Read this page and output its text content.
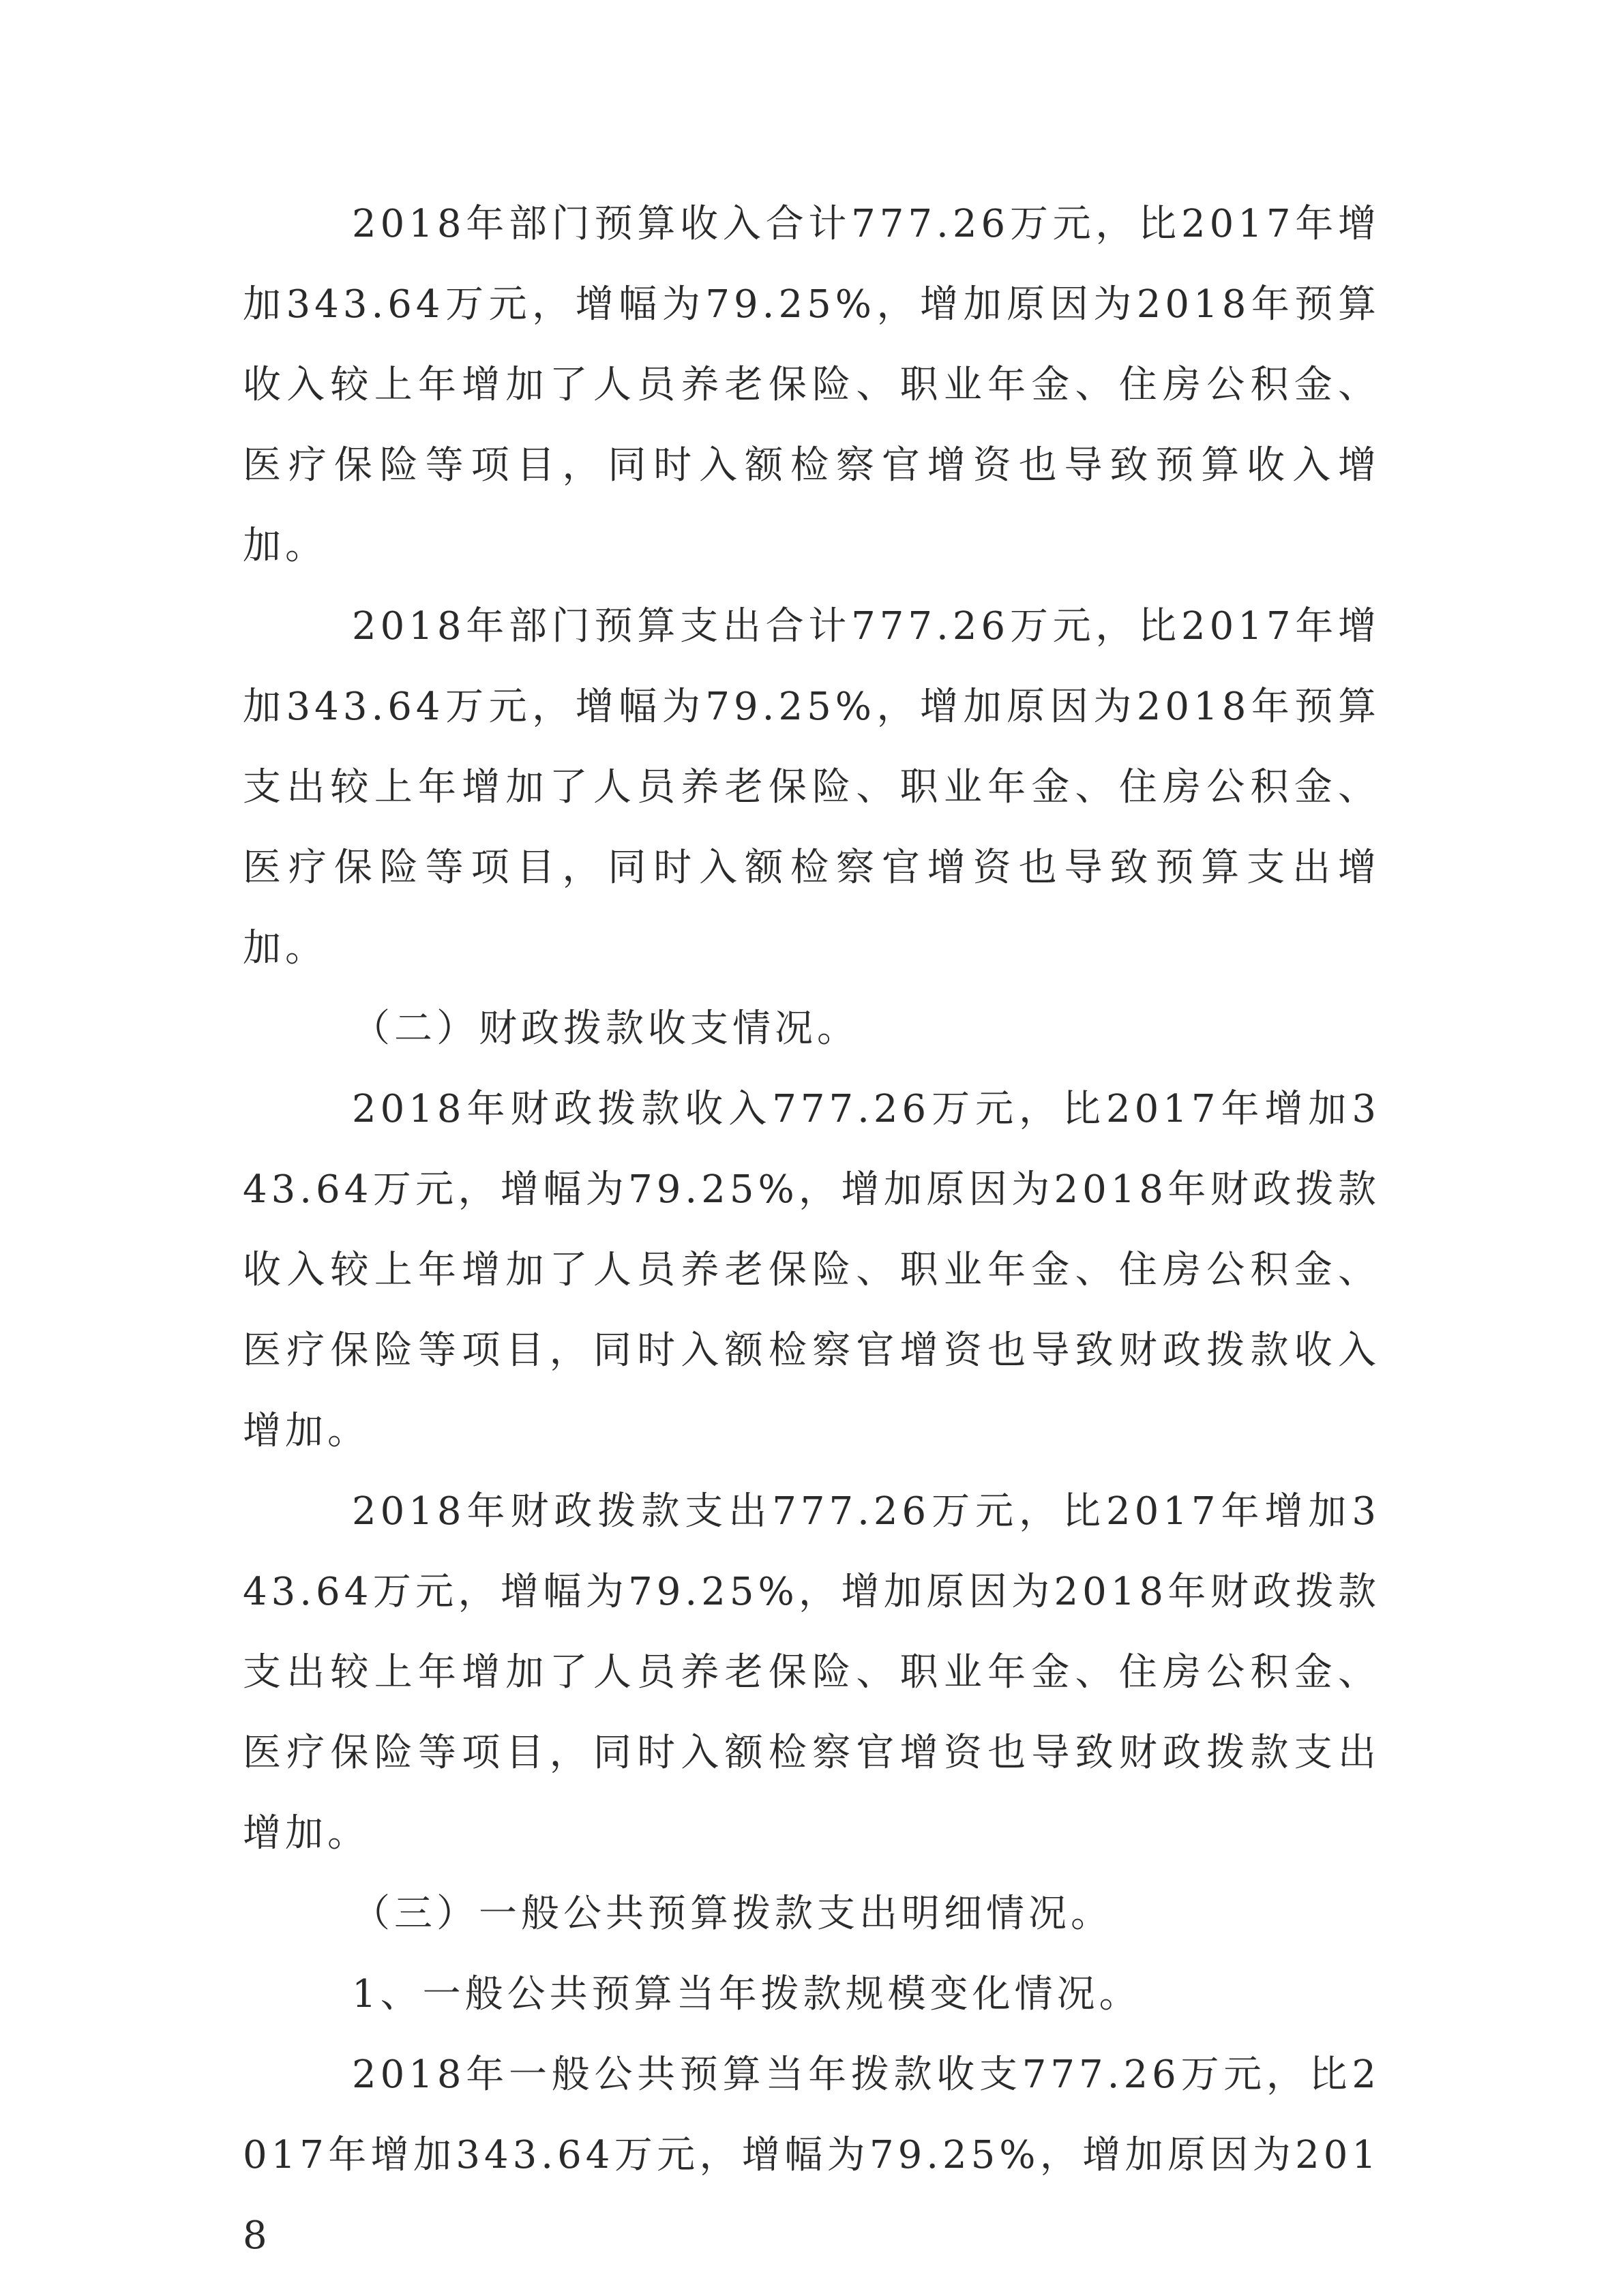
2018年部门预算收入合计777.26万元，比2017年增加343.64万元，增幅为79.25%，增加原因为2018年预算收入较上年增加了人员养老保险、职业年金、住房公积金、医疗保险等项目，同时入额检察官增资也导致预算收入增加。

2018年部门预算支出合计777.26万元，比2017年增加343.64万元，增幅为79.25%，增加原因为2018年预算支出较上年增加了人员养老保险、职业年金、住房公积金、医疗保险等项目，同时入额检察官增资也导致预算支出增加。

（二）财政拨款收支情况。

2018年财政拨款收入777.26万元，比2017年增加343.64万元，增幅为79.25%，增加原因为2018年财政拨款收入较上年增加了人员养老保险、职业年金、住房公积金、医疗保险等项目，同时入额检察官增资也导致财政拨款收入增加。

2018年财政拨款支出777.26万元，比2017年增加343.64万元，增幅为79.25%，增加原因为2018年财政拨款支出较上年增加了人员养老保险、职业年金、住房公积金、医疗保险等项目，同时入额检察官增资也导致财政拨款支出增加。

（三）一般公共预算拨款支出明细情况。

1、一般公共预算当年拨款规模变化情况。

2018年一般公共预算当年拨款收支777.26万元，比2017年增加343.64万元，增幅为79.25%，增加原因为2018
